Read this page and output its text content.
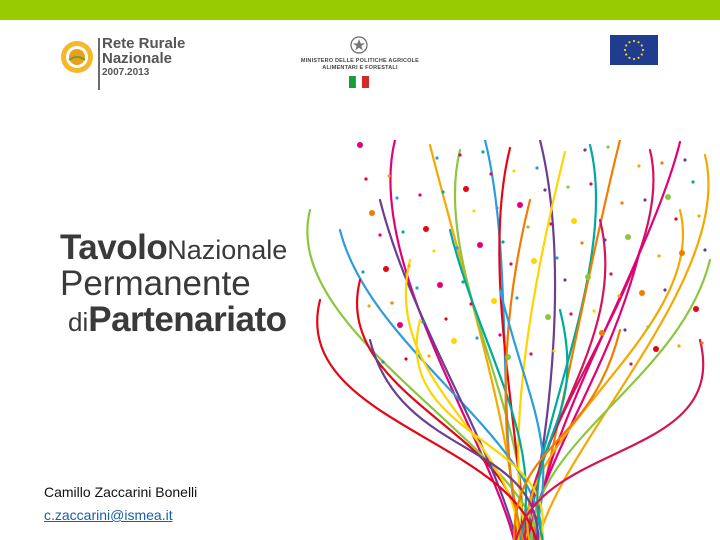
Rete Rurale
Nazionale
2007.2013
MINISTERO DELLE POLITICHE AGRICOLE
ALIMENTARI E FORESTALI
TavoloNazionale
Permanente
diPartenariato
Camillo Zaccarini Bonelli
c.zaccarini@ismea.it
